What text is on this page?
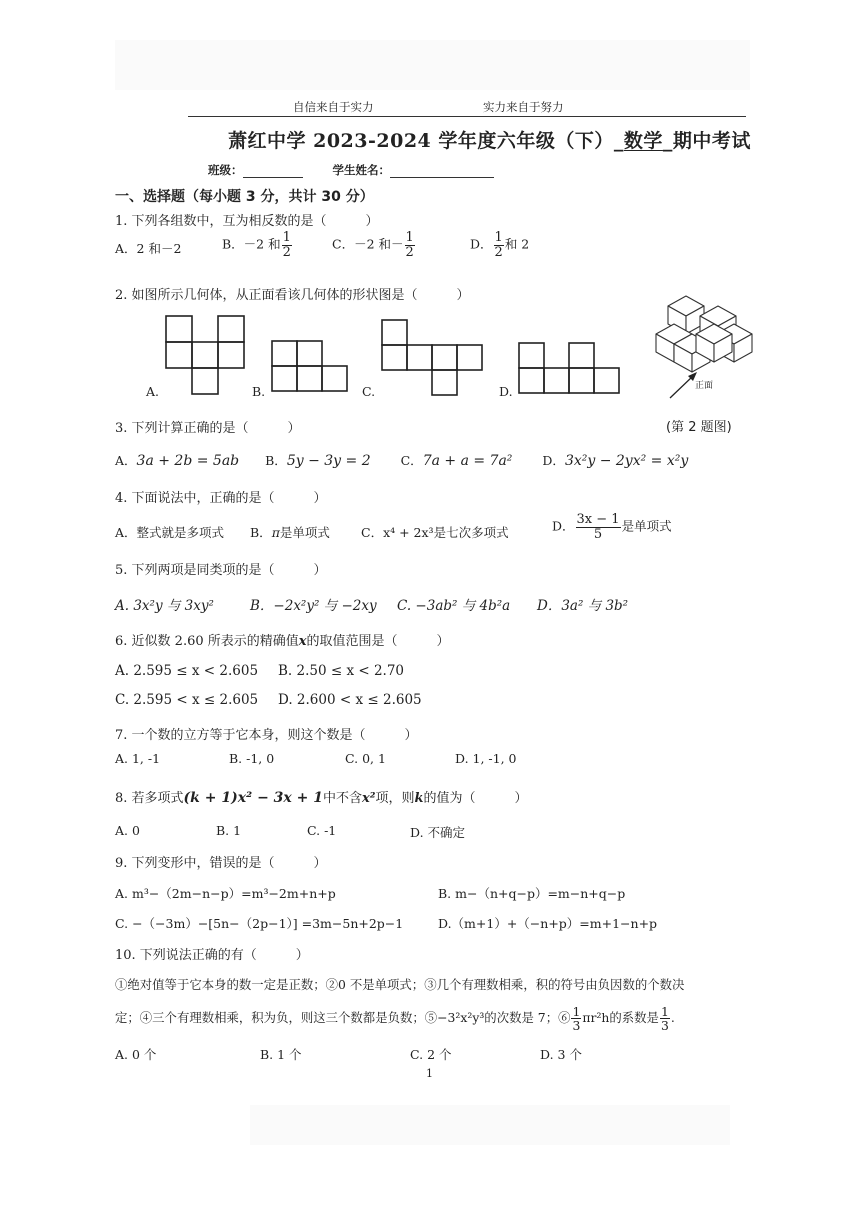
自信来自于实力	实力来自于努力
萧红中学 2023-2024 学年度六年级（下）_数学_期中考试
班级：	学生姓名：
一、选择题（每小题 3 分，共计 30 分）
1. 下列各组数中，互为相反数的是（　　　）
A．2 和－2	B．－2 和 $\frac{1}{2}$	C．－2 和－ $\frac{1}{2}$	D． $\frac{1}{2}$ 和 2
2. 如图所示几何体，从正面看该几何体的形状图是（　　　）
A.	B.	C.	D.	正面
(第 2 题图)
3. 下列计算正确的是（　　　）
A．3a + 2b = 5ab B．5y − 3y = 2 C．7a + a = 7a² D．3x²y − 2yx² = x²y
4. 下面说法中，正确的是（　　　）
A．整式就是多项式 B．π是单项式 C．x⁴ + 2x³是七次多项式	D． $\frac{3x - 1}{5}$ 是单项式
5. 下列两项是同类项的是（　　　）
A. 3x²y 与 3xy²	B．−2x²y² 与 −2xy C. −3ab² 与 4b²a D．3a² 与 3b²
6. 近似数 2.60 所表示的精确值x的取值范围是（　　　）
A. 2.595 ≤ x < 2.605 B. 2.50 ≤ x < 2.70
C. 2.595 < x ≤ 2.605 D. 2.600 < x ≤ 2.605
7. 一个数的立方等于它本身，则这个数是（　　　）
A. 1, -1	B. -1, 0	C. 0, 1	D. 1, -1, 0
8. 若多项式(k + 1)x² − 3x + 1中不含x²项，则k的值为（　　　）
A. 0	B. 1	C. -1	D. 不确定
9. 下列变形中，错误的是（　　　）
A. m³−（2m−n−p）=m³−2m+n+p	B. m−（n+q−p）=m−n+q−p
C. −（−3m）−[5n−（2p−1）] =3m−5n+2p−1	D.（m+1）+（−n+p）=m+1−n+p
10. 下列说法正确的有（　　　）
①绝对值等于它本身的数一定是正数；②0 不是单项式；③几个有理数相乘，积的符号由负因数的个数决
定；④三个有理数相乘，积为负，则这三个数都是负数；⑤−3²x²y³的次数是 7；⑥ $\frac{1}{3} \pi r^2h$的系数是 $\frac{1}{3}$ .
A. 0 个	B. 1 个	C. 2 个	D. 3 个
1
